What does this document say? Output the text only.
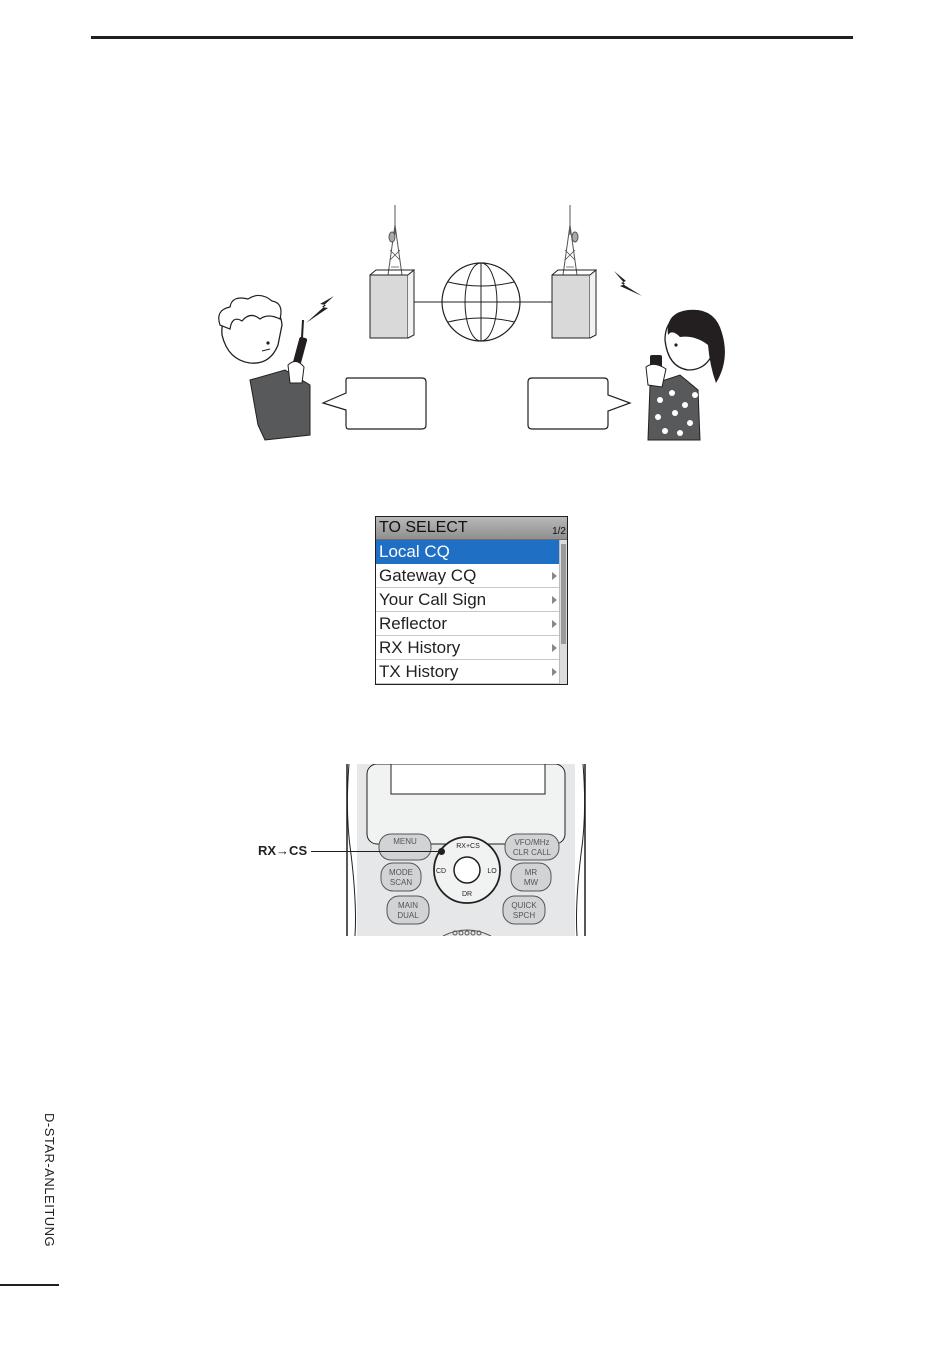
TO SELECT	1/2
Local CQ
Gateway CQ
Your Call Sign
Reflector
RX History
TX History
MENU	VFO/MHz
CLR CALL
MODE
SCAN
MR
MW
MAIN
DUAL
QUICK
SPCH
RX+CS
CD	LO
DR
RX→CS
D-STAR-ANLEITUNG
